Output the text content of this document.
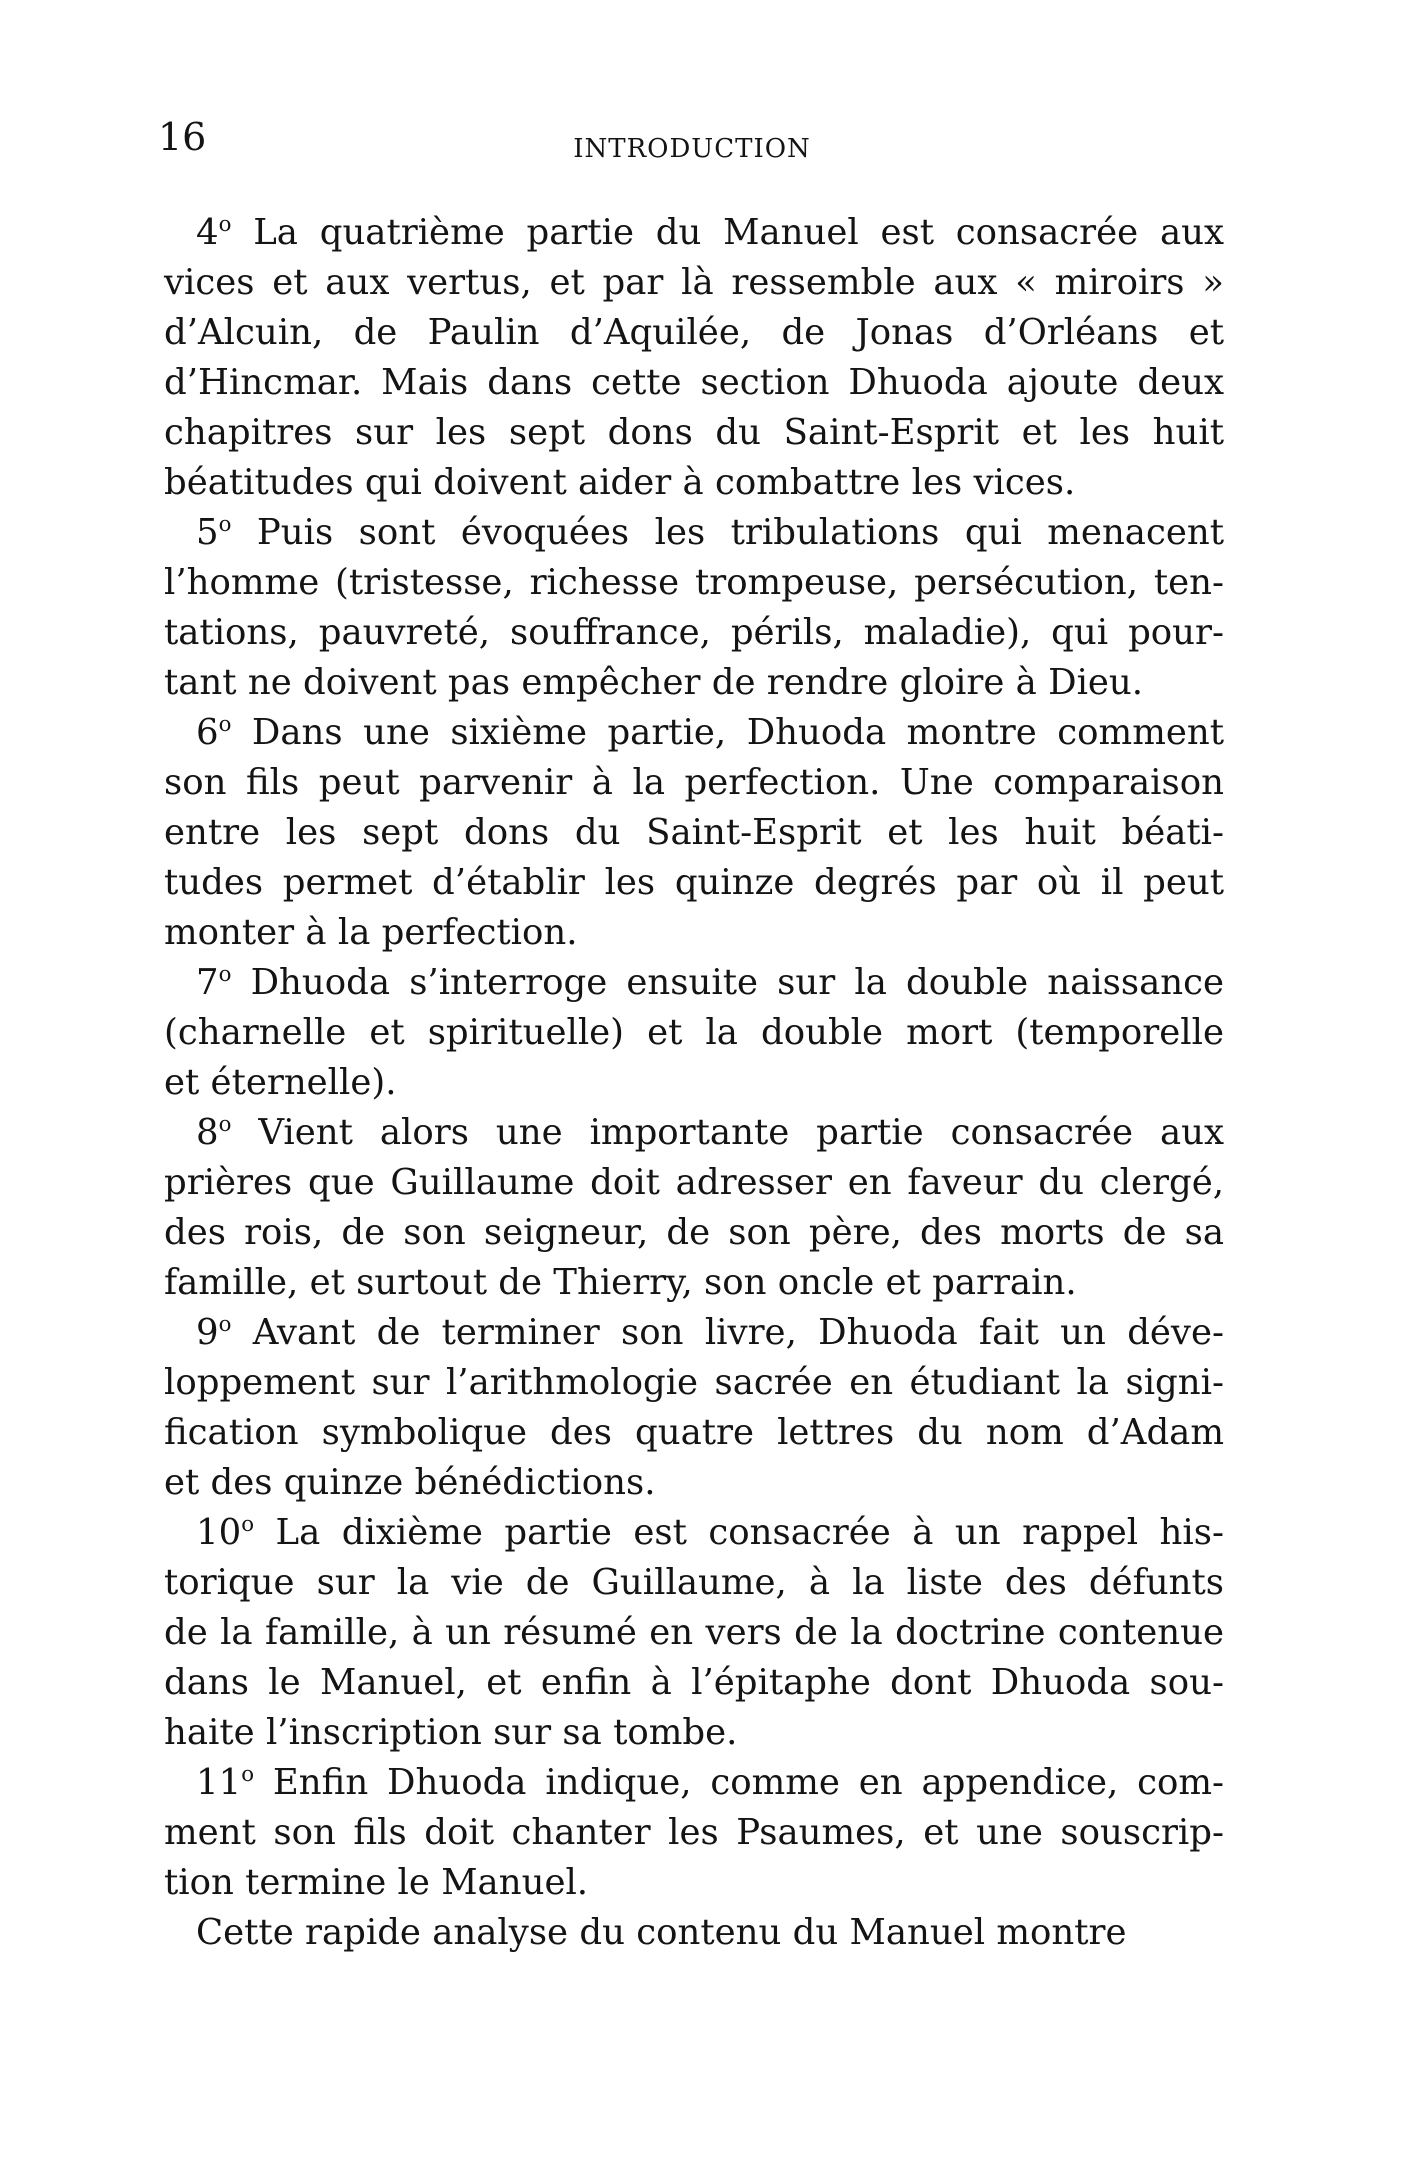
16	INTRODUCTION

4$^o$ La quatrième partie du Manuel est consacrée aux
vices et aux vertus, et par là ressemble aux « miroirs »
d’Alcuin, de Paulin d’Aquilée, de Jonas d’Orléans et
d’Hincmar. Mais dans cette section Dhuoda ajoute deux
chapitres sur les sept dons du Saint-Esprit et les huit
béatitudes qui doivent aider à combattre les vices.

5$^o$ Puis sont évoquées les tribulations qui menacent
l’homme (tristesse, richesse trompeuse, persécution, ten-
tations, pauvreté, souffrance, périls, maladie), qui pour-
tant ne doivent pas empêcher de rendre gloire à Dieu.

6$^o$ Dans une sixième partie, Dhuoda montre comment
son fils peut parvenir à la perfection. Une comparaison
entre les sept dons du Saint-Esprit et les huit béati-
tudes permet d’établir les quinze degrés par où il peut
monter à la perfection.

7$^o$ Dhuoda s’interroge ensuite sur la double naissance
(charnelle et spirituelle) et la double mort (temporelle
et éternelle).

8$^o$ Vient alors une importante partie consacrée aux
prières que Guillaume doit adresser en faveur du clergé,
des rois, de son seigneur, de son père, des morts de sa
famille, et surtout de Thierry, son oncle et parrain.

9$^o$ Avant de terminer son livre, Dhuoda fait un déve-
loppement sur l’arithmologie sacrée en étudiant la signi-
fication symbolique des quatre lettres du nom d’Adam
et des quinze bénédictions.

10$^o$ La dixième partie est consacrée à un rappel his-
torique sur la vie de Guillaume, à la liste des défunts
de la famille, à un résumé en vers de la doctrine contenue
dans le Manuel, et enfin à l’épitaphe dont Dhuoda sou-
haite l’inscription sur sa tombe.

11$^o$ Enfin Dhuoda indique, comme en appendice, com-
ment son fils doit chanter les Psaumes, et une souscrip-
tion termine le Manuel.

Cette rapide analyse du contenu du Manuel montre
